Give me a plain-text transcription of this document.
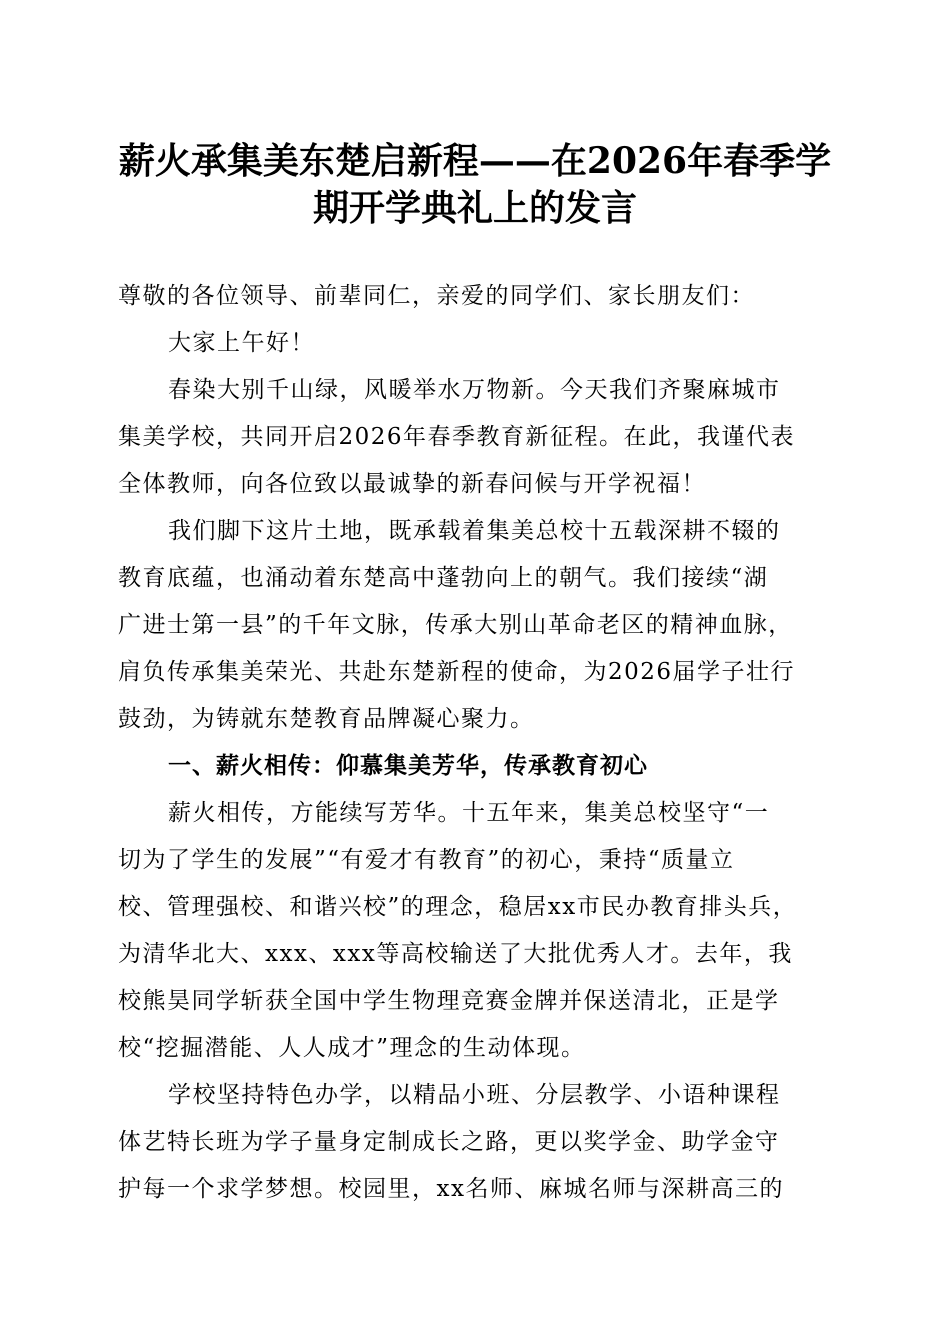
薪火承集美东楚启新程——在2026年春季学
期开学典礼上的发言

尊敬的各位领导、前辈同仁，亲爱的同学们、家长朋友们：

大家上午好！

春染大别千山绿，风暖举水万物新。今天我们齐聚麻城市

集美学校，共同开启2026年春季教育新征程。在此，我谨代表

全体教师，向各位致以最诚挚的新春问候与开学祝福！

我们脚下这片土地，既承载着集美总校十五载深耕不辍的

教育底蕴，也涌动着东楚高中蓬勃向上的朝气。我们接续“湖

广进士第一县”的千年文脉，传承大别山革命老区的精神血脉，

肩负传承集美荣光、共赴东楚新程的使命，为2026届学子壮行

鼓劲，为铸就东楚教育品牌凝心聚力。

一、薪火相传：仰慕集美芳华，传承教育初心

薪火相传，方能续写芳华。十五年来，集美总校坚守“一

切为了学生的发展”“有爱才有教育”的初心，秉持“质量立

校、管理强校、和谐兴校”的理念，稳居xx市民办教育排头兵，

为清华北大、xxx、xxx等高校输送了大批优秀人才。去年，我

校熊昊同学斩获全国中学生物理竞赛金牌并保送清北，正是学

校“挖掘潜能、人人成才”理念的生动体现。

学校坚持特色办学，以精品小班、分层教学、小语种课程

体艺特长班为学子量身定制成长之路，更以奖学金、助学金守

护每一个求学梦想。校园里，xx名师、麻城名师与深耕高三的
